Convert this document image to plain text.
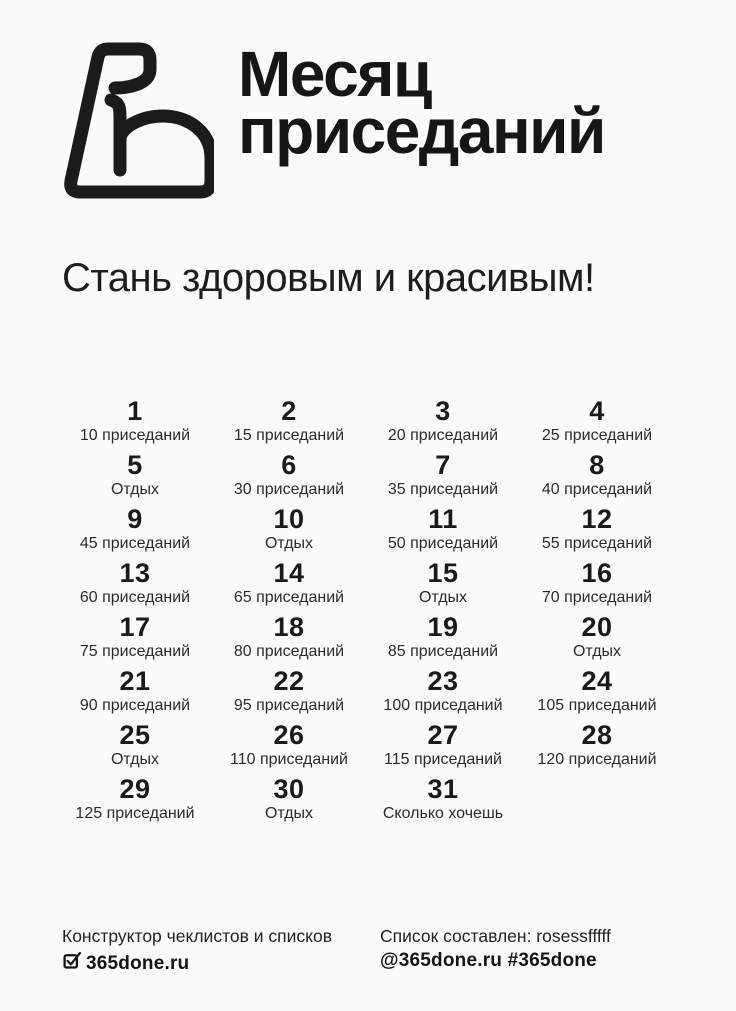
Месяц
приседаний
Стань здоровым и красивым!
1
10 приседаний
2
15 приседаний
3
20 приседаний
4
25 приседаний
5
Отдых
6
30 приседаний
7
35 приседаний
8
40 приседаний
9
45 приседаний
10
Отдых
11
50 приседаний
12
55 приседаний
13
60 приседаний
14
65 приседаний
15
Отдых
16
70 приседаний
17
75 приседаний
18
80 приседаний
19
85 приседаний
20
Отдых
21
90 приседаний
22
95 приседаний
23
100 приседаний
24
105 приседаний
25
Отдых
26
110 приседаний
27
115 приседаний
28
120 приседаний
29
125 приседаний
30
Отдых
31
Сколько хочешь
Конструктор чеклистов и списков
365done.ru
Список составлен: rosessfffff
@365done.ru #365done
